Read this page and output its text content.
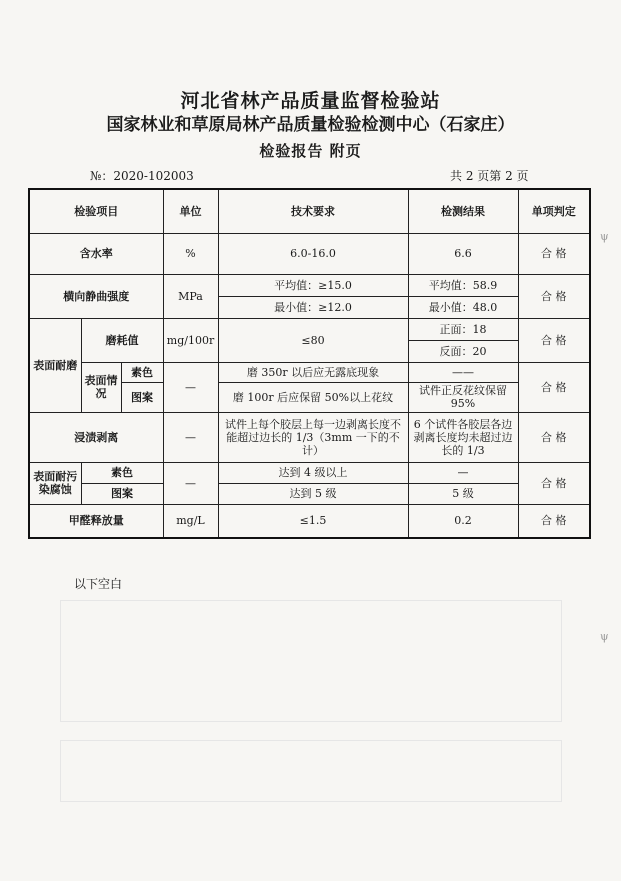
河北省林产品质量监督检验站
国家林业和草原局林产品质量检验检测中心（石家庄）
检验报告 附页
№：2020-102003	共 2 页第 2 页
检验项目			单位	技术要求	检测结果	单项判定
含水率			%	6.0-16.0	6.6	合 格
横向静曲强度			MPa	平均值：≥15.0	平均值：58.9	合 格
				最小值：≥12.0	最小值：48.0	
表面耐磨	磨耗值		mg/100r	≤80	正面：18	合 格
					反面：20	
	表面情况	素色	—	磨 350r 以后应无露底现象	——	合 格
		图案		磨 100r 后应保留 50%以上花纹	试件正反花纹保留 95%	
浸渍剥离			—	试件上每个胶层上每一边剥离长度不能超过边长的 1/3（3mm 一下的不计）	6 个试件各胶层各边剥离长度均未超过边长的 1/3	合 格
表面耐污染腐蚀	素色		—	达到 4 级以上	—	合 格
	图案			达到 5 级	5 级	
甲醛释放量			mg/L	≤1.5	0.2	合 格
以下空白
ψ
ψ
